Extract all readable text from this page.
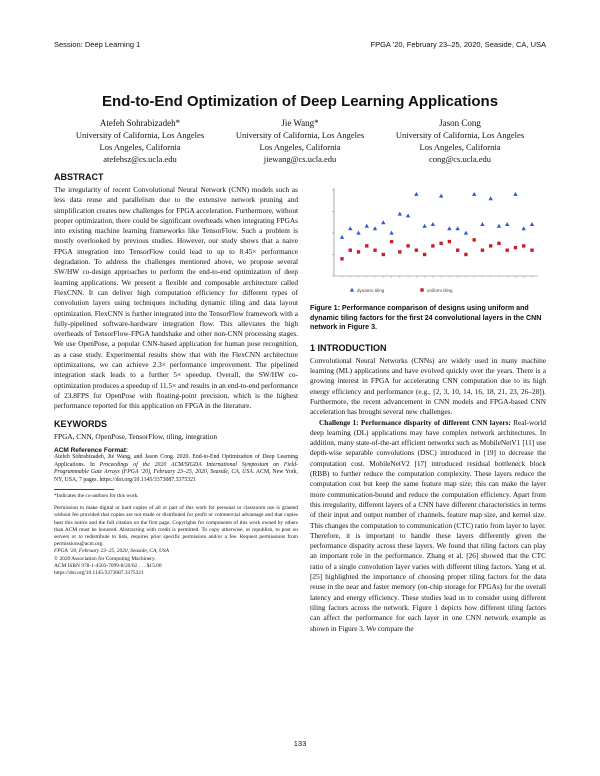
Session: Deep Learning 1	FPGA ’20, February 23–25, 2020, Seaside, CA, USA
End-to-End Optimization of Deep Learning Applications
Atefeh Sohrabizadeh*
University of California, Los Angeles
Los Angeles, California
atefehsz@cs.ucla.edu
Jie Wang*
University of California, Los Angeles
Los Angeles, California
jiewang@cs.ucla.edu
Jason Cong
University of California, Los Angeles
Los Angeles, California
cong@cs.ucla.edu
ABSTRACT

The irregularity of recent Convolutional Neural Network (CNN) models such as less data reuse and parallelism due to the extensive network pruning and simplification creates new challenges for FPGA acceleration. Furthermore, without proper optimization, there could be significant overheads when integrating FPGAs into existing machine learning frameworks like TensorFlow. Such a problem is mostly overlooked by previous studies. However, our study shows that a naive FPGA integration into TensorFlow could lead to up to 8.45× performance degradation. To address the challenges mentioned above, we propose several SW/HW co-design approaches to perform the end-to-end optimization of deep learning applications. We present a flexible and composable architecture called FlexCNN. It can deliver high computation efficiency for different types of convolution layers using techniques including dynamic tiling and data layout optimization. FlexCNN is further integrated into the TensorFlow framework with a fully-pipelined software-hardware integration flow. This alleviates the high overheads of TensorFlow-FPGA handshake and other non-CNN processing stages. We use OpenPose, a popular CNN-based application for human pose recognition, as a case study. Experimental results show that with the FlexCNN architecture optimizations, we can achieve 2.3× performance improvement. The pipelined integration stack leads to a further 5× speedup. Overall, the SW/HW co-optimization produces a speedup of 11.5× and results in an end-to-end performance of 23.8FPS for OpenPose with floating-point precision, which is the highest performance reported for this application on FPGA in the literature.

KEYWORDS

FPGA, CNN, OpenPose, TensorFlow, tiling, integration

ACM Reference Format:

Atefeh Sohrabizadeh, Jie Wang, and Jason Cong. 2020. End-to-End Optimization of Deep Learning Applications. In Proceedings of the 2020 ACM/SIGDA International Symposium on Field-Programmable Gate Arrays (FPGA ’20), February 23–25, 2020, Seaside, CA, USA. ACM, New York, NY, USA, 7 pages. https://doi.org/10.1145/3373087.3375321

*Indicates the co-authors for this work.

Permission to make digital or hard copies of all or part of this work for personal or classroom use is granted without fee provided that copies are not made or distributed for profit or commercial advantage and that copies bear this notice and the full citation on the first page. Copyrights for components of this work owned by others than ACM must be honored. Abstracting with credit is permitted. To copy otherwise, or republish, to post on servers or to redistribute to lists, requires prior specific permission and/or a fee. Request permissions from permissions@acm.org.

FPGA ’20, February 23–25, 2020, Seaside, CA, USA

© 2020 Association for Computing Machinery.

ACM ISBN 978-1-4503-7099-8/20/02 . . . $15.00

https://doi.org/10.1145/3373087.3375321

dynamic tiling	uniform tiling

Figure 1: Performance comparison of designs using uniform and dynamic tiling factors for the first 24 convolutional layers in the CNN network in Figure 3.

1 INTRODUCTION

Convolutional Neural Networks (CNNs) are widely used in many machine learning (ML) applications and have evolved quickly over the years. There is a growing interest in FPGA for accelerating CNN computation due to its high energy efficiency and performance (e.g., [2, 3, 10, 14, 16, 18, 21, 23, 26–28]). Furthermore, the recent advancement in CNN models and FPGA-based CNN acceleration has brought several new challenges.

Challenge 1: Performance disparity of different CNN layers: Real-world deep learning (DL) applications may have complex network architectures. In addition, many state-of-the-art efficient networks such as MobileNetV1 [11] use depth-wise separable convolutions (DSC) introduced in [19] to decrease the computation cost. MobileNetV2 [17] introduced residual bottleneck block (RBB) to further reduce the computation complexity. These layers reduce the computation cost but keep the same feature map size; this can make the layer more communication-bound and reduce the computation efficiency. Apart from this irregularity, different layers of a CNN have different characteristics in terms of their input and output number of channels, feature map size, and kernel size. This changes the computation to communication (CTC) ratio from layer to layer. Therefore, it is important to handle these layers differently given the performance disparity across these layers. We found that tiling factors can play an important role in the performance. Zhang et al. [26] showed that the CTC ratio of a single convolution layer varies with different tiling factors. Yang et al. [25] highlighted the importance of choosing proper tiling factors for the data reuse in the near and faster memory (on-chip storage for FPGAs) for the overall latency and energy efficiency. These studies lead us to consider using different tiling factors across the network. Figure 1 depicts how different tiling factors can affect the performance for each layer in one CNN network example as shown in Figure 3. We compare the

133
